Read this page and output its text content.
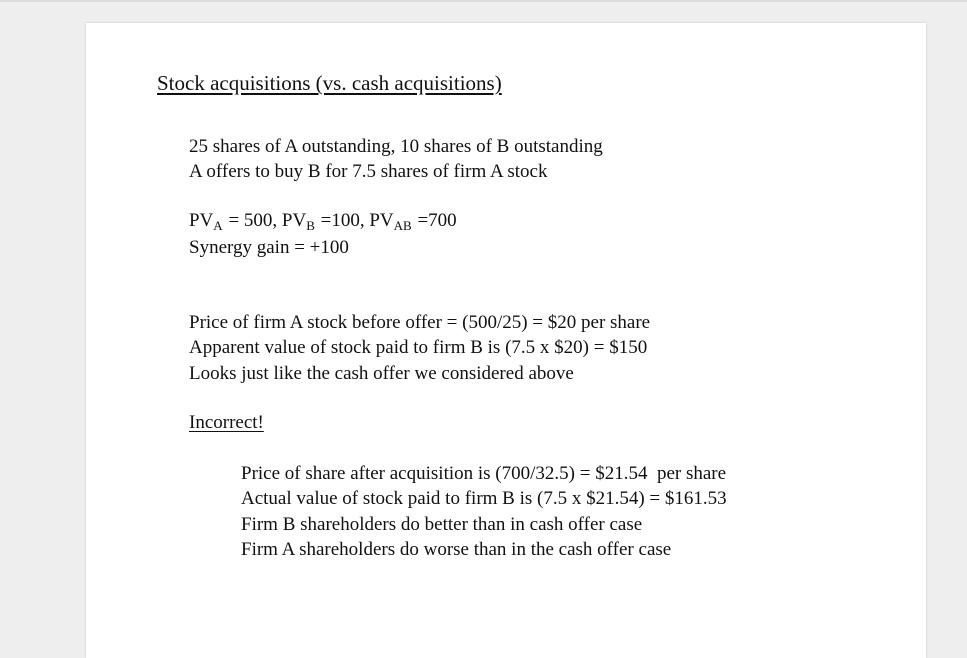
Stock acquisitions (vs. cash acquisitions)
25 shares of A outstanding, 10 shares of B outstanding
A offers to buy B for 7.5 shares of firm A stock
$PV_A = 500$, $PV_B =100$, $PV_{AB} =700$
Synergy gain = +100
Price of firm A stock before offer = (500/25) = $20 per share
Apparent value of stock paid to firm B is (7.5 x $20) = $150
Looks just like the cash offer we considered above
Incorrect!
Price of share after acquisition is (700/32.5) = $21.54  per share
Actual value of stock paid to firm B is (7.5 x $21.54) = $161.53
Firm B shareholders do better than in cash offer case
Firm A shareholders do worse than in the cash offer case
